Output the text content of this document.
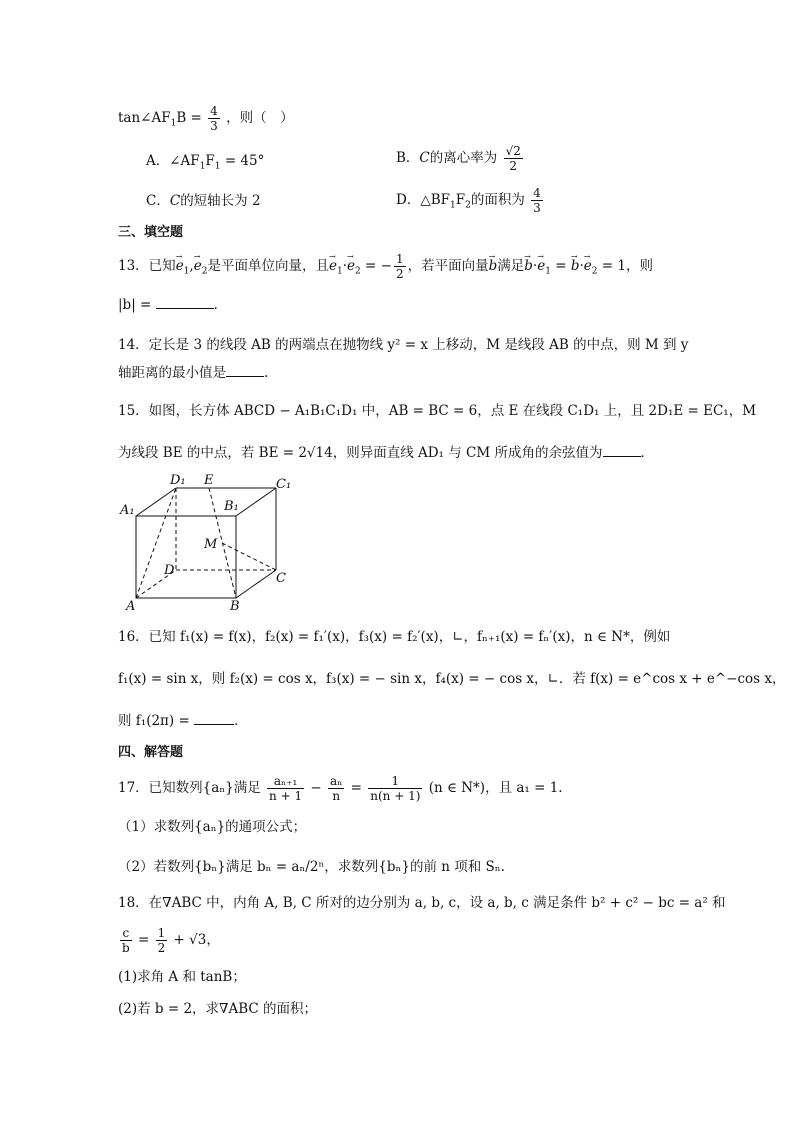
$\tan\angle AF_1B = \frac{4}{3}$ ，则（　）
A．$\angle AF_1F_1 = 45^\circ$	B．C的离心率为 $\frac{√2}{2}$
C．C的短轴长为 2	D．$\triangle BF_1F_2$的面积为 $\frac{4}{3}$
三、填空题
13．已知→ $e_1,\to e_2$是平面单位向量，且→ $e_1\cdot\to e_2$ = − $\frac{1}{2}$ ，若平面向量→ b满足→ $b\cdot\to e_1$ = → $b\cdot\to e_2 = 1$，则
|b| =	．
14．定长是 3 的线段 AB 的两端点在抛物线 y² = x 上移动，M 是线段 AB 的中点，则 M 到 y
轴距离的最小值是	.
15．如图，长方体 ABCD − A₁B₁C₁D₁ 中，AB = BC = 6，点 E 在线段 C₁D₁ 上，且 2D₁E = EC₁，M
为线段 BE 的中点，若 BE = 2√14，则异面直线 AD₁ 与 CM 所成角的余弦值为	．
A₁
D₁ E
B₁
C₁
M
D
C
A	B
16．已知 f₁(x) = f(x)，f₂(x) = f₁′(x)，f₃(x) = f₂′(x)，∟，fₙ₊₁(x) = fₙ′(x)，n ∈ N*，例如
f₁(x) = sin x，则 f₂(x) = cos x，f₃(x) = − sin x，f₄(x) = − cos x，∟．若 f(x) = e^cos x + e^−cos x，
则 f₁(2π) =	．
四、解答题
17．已知数列{aₙ}满足 $\frac{\text{aₙ₊₁}}{n + 1} - \frac{\text{aₙ}}{n} = \frac{1}{n(n + 1)} (n$ ∈ N*)，且 a₁ = 1.
（1）求数列{aₙ}的通项公式；
（2）若数列{bₙ}满足 bₙ = aₙ/2ⁿ，求数列{bₙ}的前 n 项和 Sₙ.
18．在∇ABC 中，内角 A, B, C 所对的边分别为 a, b, c，设 a, b, c 满足条件 b² + c² − bc = a² 和
$\frac{c}{b} = \frac{1}{2} + √3$，
(1)求角 A 和 tanB；
(2)若 b = 2，求∇ABC 的面积；
